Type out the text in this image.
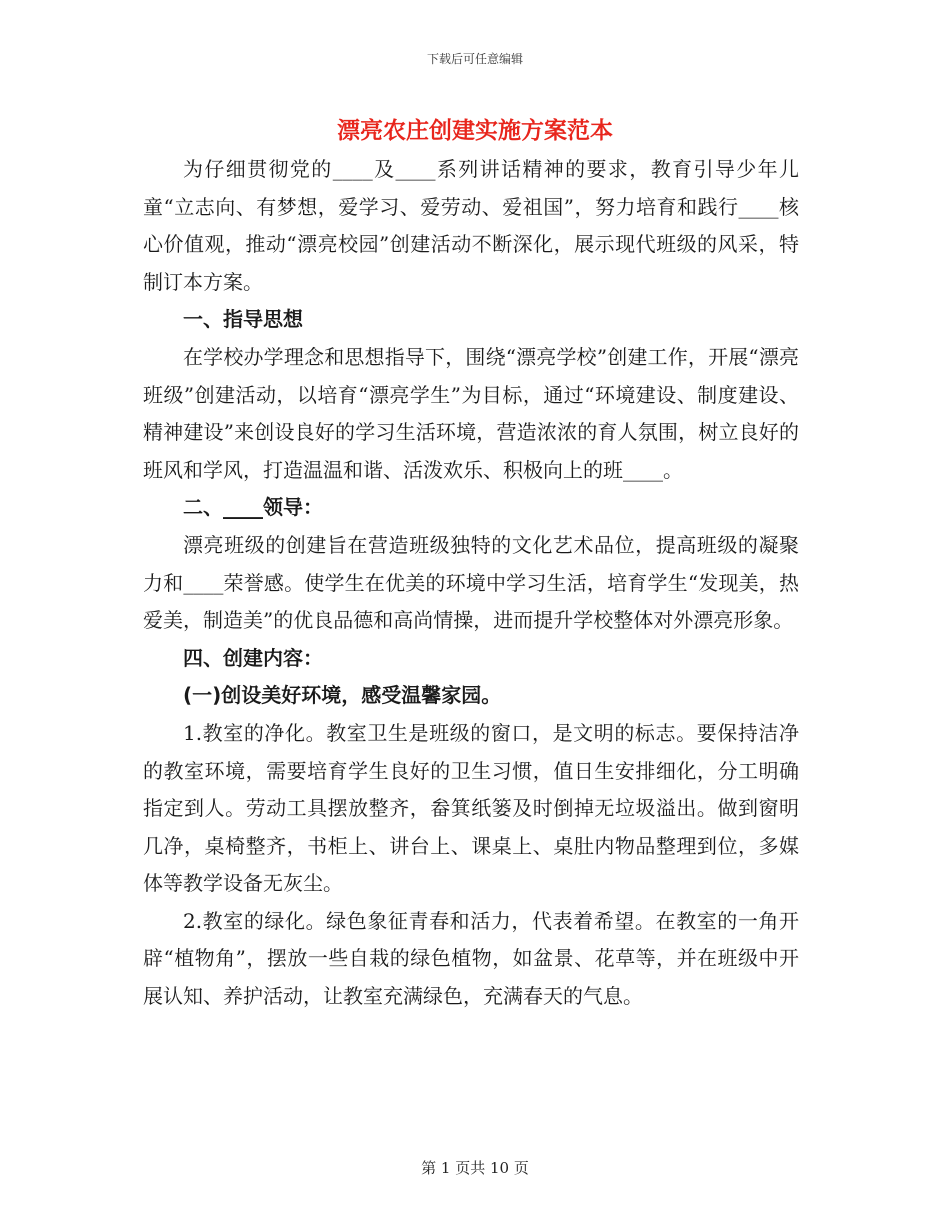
下载后可任意编辑
漂亮农庄创建实施方案范本

为仔细贯彻党的____及____系列讲话精神的要求，教育引导少年儿童“立志向、有梦想，爱学习、爱劳动、爱祖国”，努力培育和践行____核心价值观，推动“漂亮校园”创建活动不断深化，展示现代班级的风采，特制订本方案。

一、指导思想

在学校办学理念和思想指导下，围绕“漂亮学校”创建工作，开展“漂亮班级”创建活动，以培育“漂亮学生”为目标，通过“环境建设、制度建设、精神建设”来创设良好的学习生活环境，营造浓浓的育人氛围，树立良好的班风和学风，打造温温和谐、活泼欢乐、积极向上的班____。

二、____领导：

漂亮班级的创建旨在营造班级独特的文化艺术品位，提高班级的凝聚力和____荣誉感。使学生在优美的环境中学习生活，培育学生“发现美，热爱美，制造美”的优良品德和高尚情操，进而提升学校整体对外漂亮形象。

四、创建内容：

(一)创设美好环境，感受温馨家园。

1.教室的净化。教室卫生是班级的窗口，是文明的标志。要保持洁净的教室环境，需要培育学生良好的卫生习惯，值日生安排细化，分工明确指定到人。劳动工具摆放整齐，畚箕纸篓及时倒掉无垃圾溢出。做到窗明几净，桌椅整齐，书柜上、讲台上、课桌上、桌肚内物品整理到位，多媒体等教学设备无灰尘。

2.教室的绿化。绿色象征青春和活力，代表着希望。在教室的一角开辟“植物角”，摆放一些自栽的绿色植物，如盆景、花草等，并在班级中开展认知、养护活动，让教室充满绿色，充满春天的气息。

第 1 页共 10 页
